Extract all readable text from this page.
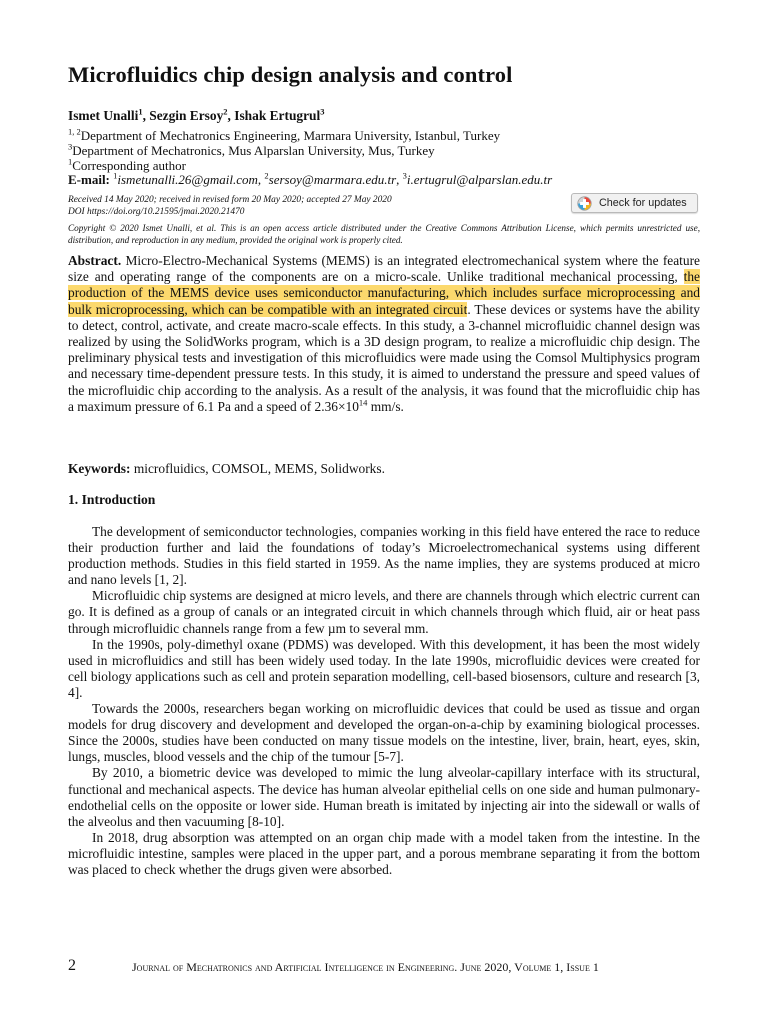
Microfluidics chip design analysis and control
Ismet Unalli$^1$, Sezgin Ersoy$^2$, Ishak Ertugrul$^3$
$^{1, 2}$Department of Mechatronics Engineering, Marmara University, Istanbul, Turkey
$^3$Department of Mechatronics, Mus Alparslan University, Mus, Turkey
$^1$Corresponding author
E-mail: $^1$ismetunalli.26@gmail.com, $^2$sersoy@marmara.edu.tr, $^3$i.ertugrul@alparslan.edu.tr
Received 14 May 2020; received in revised form 20 May 2020; accepted 27 May 2020
DOI https://doi.org/10.21595/jmai.2020.21470
Check for updates
Copyright © 2020 Ismet Unalli, et al. This is an open access article distributed under the Creative Commons Attribution License, which permits unrestricted use, distribution, and reproduction in any medium, provided the original work is properly cited.
Abstract. Micro-Electro-Mechanical Systems (MEMS) is an integrated electromechanical system where the feature size and operating range of the components are on a micro-scale. Unlike traditional mechanical processing, the production of the MEMS device uses semiconductor manufacturing, which includes surface microprocessing and bulk microprocessing, which can be compatible with an integrated circuit. These devices or systems have the ability to detect, control, activate, and create macro-scale effects. In this study, a 3-channel microfluidic channel design was realized by using the SolidWorks program, which is a 3D design program, to realize a microfluidic chip design. The preliminary physical tests and investigation of this microfluidics were made using the Comsol Multiphysics program and necessary time-dependent pressure tests. In this study, it is aimed to understand the pressure and speed values of the microfluidic chip according to the analysis. As a result of the analysis, it was found that the microfluidic chip has a maximum pressure of 6.1 Pa and a speed of $2.36\times 10^{14}$ mm/s.
Keywords: microfluidics, COMSOL, MEMS, Solidworks.
1. Introduction

The development of semiconductor technologies, companies working in this field have entered the race to reduce their production further and laid the foundations of today’s Microelectromechanical systems using different production methods. Studies in this field started in 1959. As the name implies, they are systems produced at micro and nano levels [1, 2].

Microfluidic chip systems are designed at micro levels, and there are channels through which electric current can go. It is defined as a group of canals or an integrated circuit in which channels through which fluid, air or heat pass through microfluidic channels range from a few µm to several mm.

In the 1990s, poly-dimethyl oxane (PDMS) was developed. With this development, it has been the most widely used in microfluidics and still has been widely used today. In the late 1990s, microfluidic devices were created for cell biology applications such as cell and protein separation modelling, cell-based biosensors, culture and research [3, 4].

Towards the 2000s, researchers began working on microfluidic devices that could be used as tissue and organ models for drug discovery and development and developed the organ-on-a-chip by examining biological processes. Since the 2000s, studies have been conducted on many tissue models on the intestine, liver, brain, heart, eyes, skin, lungs, muscles, blood vessels and the chip of the tumour [5-7].

By 2010, a biometric device was developed to mimic the lung alveolar-capillary interface with its structural, functional and mechanical aspects. The device has human alveolar epithelial cells on one side and human pulmonary-endothelial cells on the opposite or lower side. Human breath is imitated by injecting air into the sidewall or walls of the alveolus and then vacuuming [8-10].

In 2018, drug absorption was attempted on an organ chip made with a model taken from the intestine. In the microfluidic intestine, samples were placed in the upper part, and a porous membrane separating it from the bottom was placed to check whether the drugs given were absorbed.

2	Journal of Mechatronics and Artificial Intelligence in Engineering. June 2020, Volume 1, Issue 1
